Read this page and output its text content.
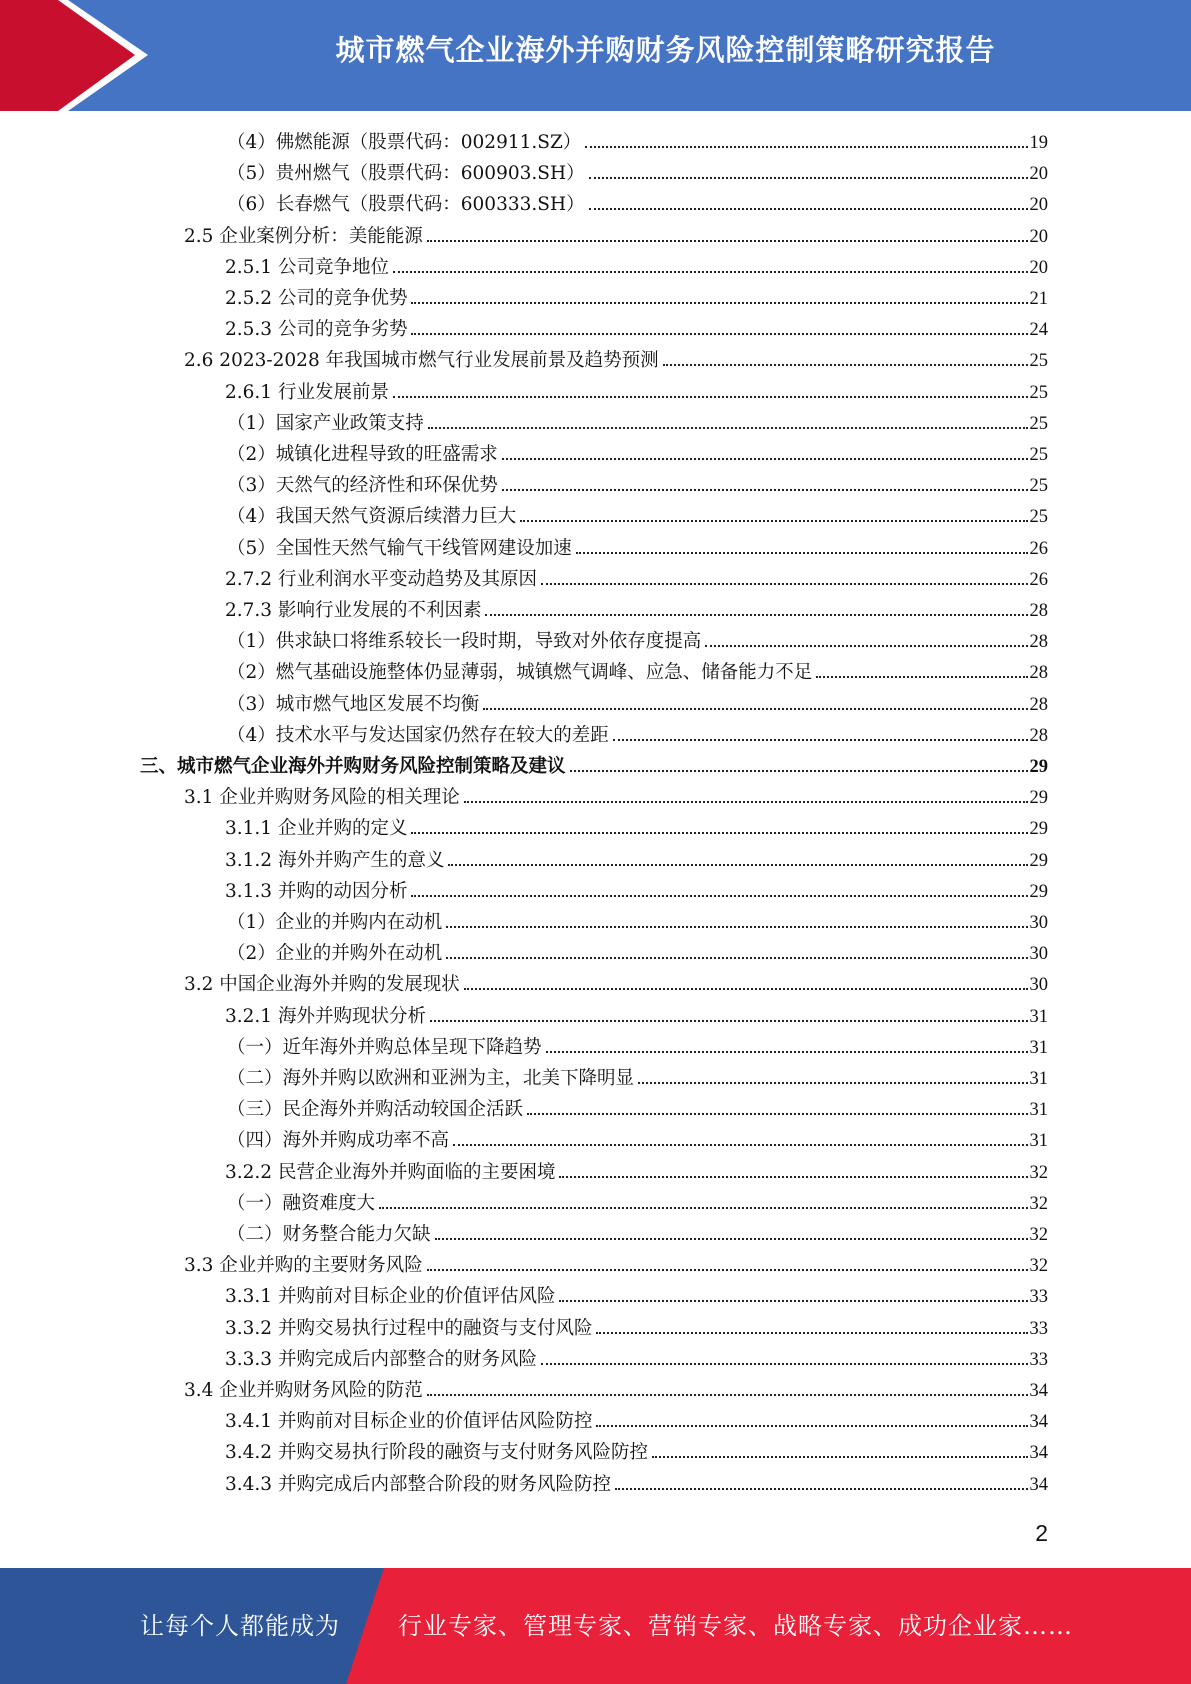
城市燃气企业海外并购财务风险控制策略研究报告
（4）佛燃能源（股票代码：002911.SZ）	19
（5）贵州燃气（股票代码：600903.SH）	20
（6）长春燃气（股票代码：600333.SH）	20
2.5 企业案例分析：美能能源	20
2.5.1 公司竞争地位	20
2.5.2 公司的竞争优势	21
2.5.3 公司的竞争劣势	24
2.6 2023-2028 年我国城市燃气行业发展前景及趋势预测	25
2.6.1 行业发展前景	25
（1）国家产业政策支持	25
（2）城镇化进程导致的旺盛需求	25
（3）天然气的经济性和环保优势	25
（4）我国天然气资源后续潜力巨大	25
（5）全国性天然气输气干线管网建设加速	26
2.7.2 行业利润水平变动趋势及其原因	26
2.7.3 影响行业发展的不利因素	28
（1）供求缺口将维系较长一段时期，导致对外依存度提高	28
（2）燃气基础设施整体仍显薄弱，城镇燃气调峰、应急、储备能力不足	28
（3）城市燃气地区发展不均衡	28
（4）技术水平与发达国家仍然存在较大的差距	28
三、城市燃气企业海外并购财务风险控制策略及建议	29
3.1 企业并购财务风险的相关理论	29
3.1.1 企业并购的定义	29
3.1.2 海外并购产生的意义	29
3.1.3 并购的动因分析	29
（1）企业的并购内在动机	30
（2）企业的并购外在动机	30
3.2 中国企业海外并购的发展现状	30
3.2.1 海外并购现状分析	31
（一）近年海外并购总体呈现下降趋势	31
（二）海外并购以欧洲和亚洲为主，北美下降明显	31
（三）民企海外并购活动较国企活跃	31
（四）海外并购成功率不高	31
3.2.2 民营企业海外并购面临的主要困境	32
（一）融资难度大	32
（二）财务整合能力欠缺	32
3.3 企业并购的主要财务风险	32
3.3.1 并购前对目标企业的价值评估风险	33
3.3.2 并购交易执行过程中的融资与支付风险	33
3.3.3 并购完成后内部整合的财务风险	33
3.4 企业并购财务风险的防范	34
3.4.1 并购前对目标企业的价值评估风险防控	34
3.4.2 并购交易执行阶段的融资与支付财务风险防控	34
3.4.3 并购完成后内部整合阶段的财务风险防控	34
2
让每个人都能成为 行业专家、管理专家、营销专家、战略专家、成功企业家……
